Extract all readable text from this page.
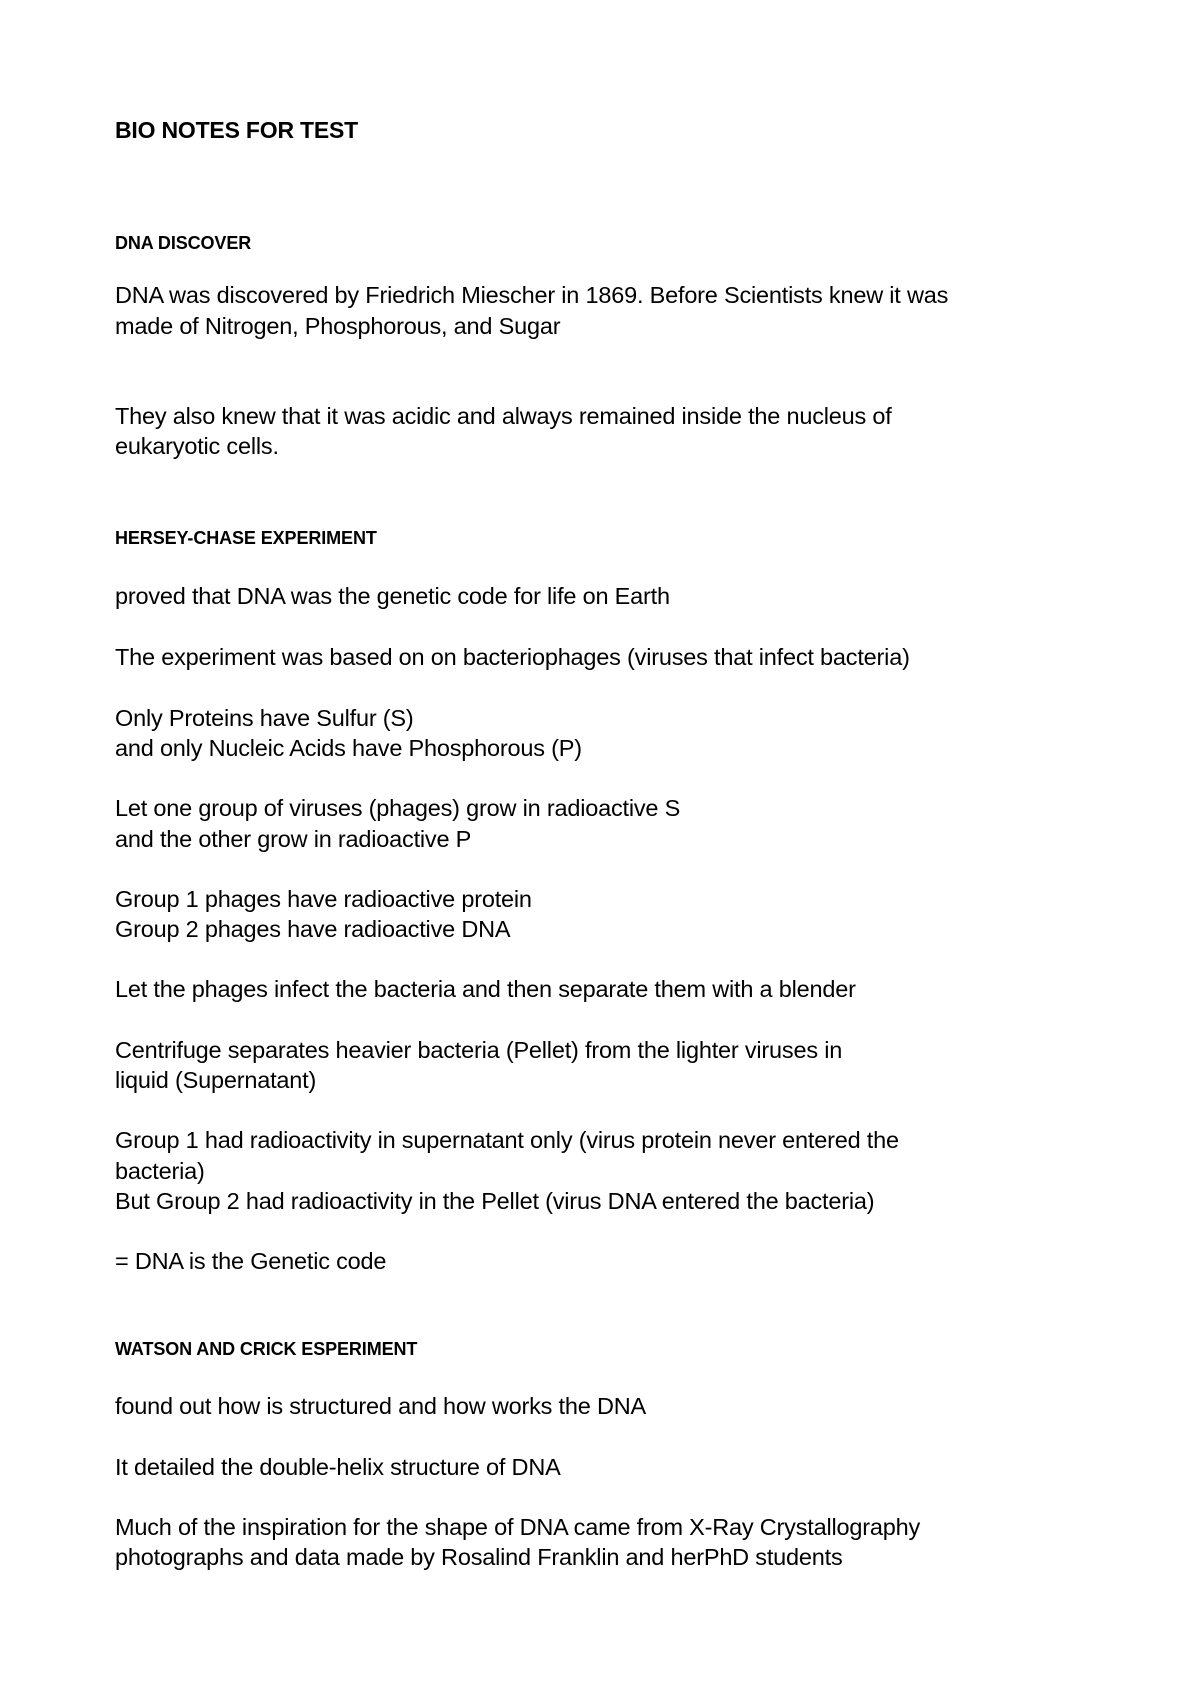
BIO NOTES FOR TEST
DNA DISCOVER
DNA was discovered by Friedrich Miescher in 1869. Before Scientists knew it was
made of Nitrogen, Phosphorous, and Sugar
They also knew that it was acidic and always remained inside the nucleus of
eukaryotic cells.
HERSEY-CHASE EXPERIMENT
proved that DNA was the genetic code for life on Earth
The experiment was based on on bacteriophages (viruses that infect bacteria)
Only Proteins have Sulfur (S)
and only Nucleic Acids have Phosphorous (P)
Let one group of viruses (phages) grow in radioactive S
and the other grow in radioactive P
Group 1 phages have radioactive protein
Group 2 phages have radioactive DNA
Let the phages infect the bacteria and then separate them with a blender
Centrifuge separates heavier bacteria (Pellet) from the lighter viruses in
liquid (Supernatant)
Group 1 had radioactivity in supernatant only (virus protein never entered the
bacteria)
But Group 2 had radioactivity in the Pellet (virus DNA entered the bacteria)
= DNA is the Genetic code
WATSON AND CRICK ESPERIMENT
found out how is structured and how works the DNA
It detailed the double-helix structure of DNA
Much of the inspiration for the shape of DNA came from X-Ray Crystallography
photographs and data made by Rosalind Franklin and herPhD students
